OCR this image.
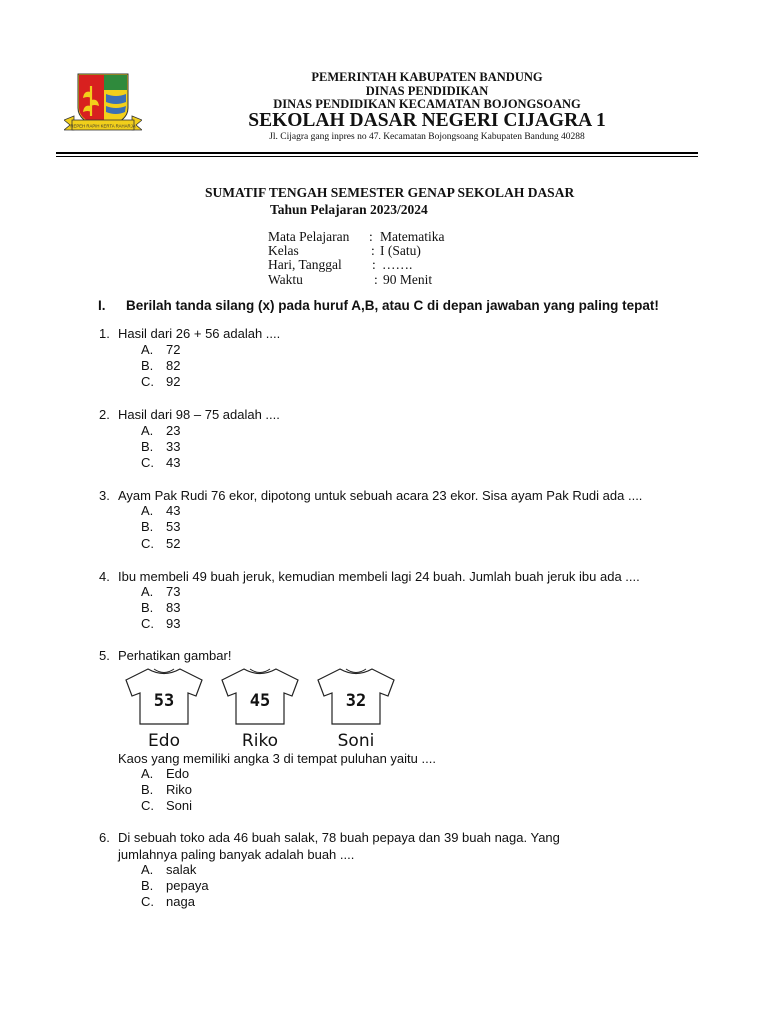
REPEH RAPIH KERTA RAHARJA
PEMERINTAH KABUPATEN BANDUNG
DINAS PENDIDIKAN
DINAS PENDIDIKAN KECAMATAN BOJONGSOANG
SEKOLAH DASAR NEGERI CIJAGRA 1
Jl. Cijagra gang inpres no 47. Kecamatan Bojongsoang Kabupaten Bandung 40288
SUMATIF TENGAH SEMESTER GENAP SEKOLAH DASAR
Tahun Pelajaran 2023/2024
Mata Pelajaran : Matematika
Kelas	: I (Satu)
Hari, Tanggal : …….
Waktu	: 90 Menit
I. Berilah tanda silang (x) pada huruf A,B, atau C di depan jawaban yang paling tepat!
1. Hasil dari 26 + 56 adalah ....
A. 72
B. 82
C. 92
2. Hasil dari 98 – 75 adalah ....
A. 23
B. 33
C. 43
3. Ayam Pak Rudi 76 ekor, dipotong untuk sebuah acara 23 ekor. Sisa ayam Pak Rudi ada ....
A. 43
B. 53
C. 52
4. Ibu membeli 49 buah jeruk, kemudian membeli lagi 24 buah. Jumlah buah jeruk ibu ada ....
A. 73
B. 83
C. 93
5. Perhatikan gambar!
53
Edo
45
Riko
32
Soni
Kaos yang memiliki angka 3 di tempat puluhan yaitu ....
A. Edo
B. Riko
C. Soni
6. Di sebuah toko ada 46 buah salak, 78 buah pepaya dan 39 buah naga. Yang
jumlahnya paling banyak adalah buah ....
A. salak
B. pepaya
C. naga
